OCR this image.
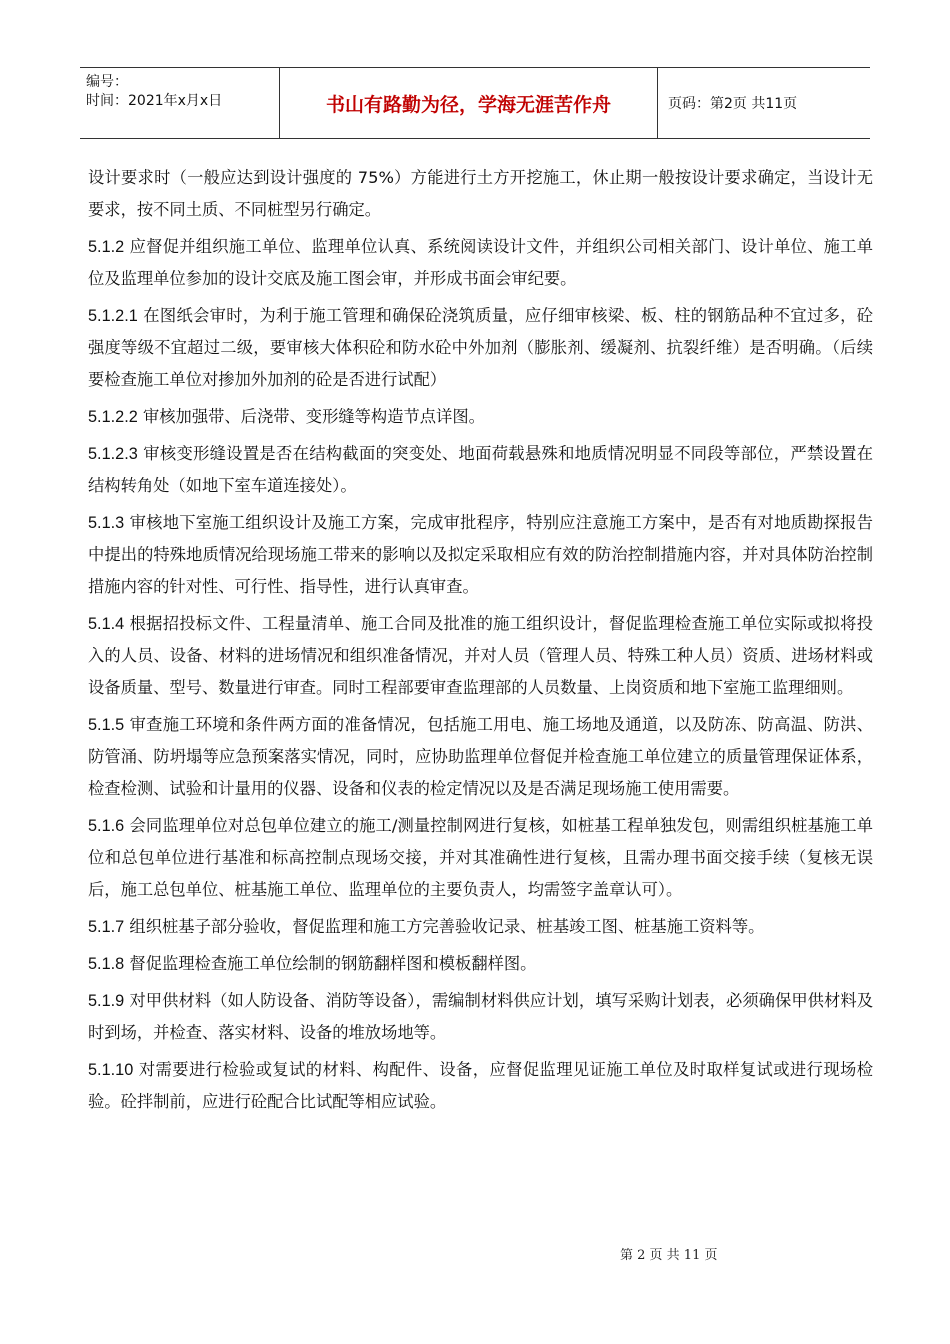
编号：
时间：2021年x月x日	书山有路勤为径，学海无涯苦作舟	页码：第2页 共11页

设计要求时（一般应达到设计强度的 75%）方能进行土方开挖施工，休止期一般按设计要求确定，当设计无要求，按不同土质、不同桩型另行确定。

5.1.2 应督促并组织施工单位、监理单位认真、系统阅读设计文件，并组织公司相关部门、设计单位、施工单位及监理单位参加的设计交底及施工图会审，并形成书面会审纪要。

5.1.2.1 在图纸会审时，为利于施工管理和确保砼浇筑质量，应仔细审核梁、板、柱的钢筋品种不宜过多，砼强度等级不宜超过二级，要审核大体积砼和防水砼中外加剂（膨胀剂、缓凝剂、抗裂纤维）是否明确。（后续要检查施工单位对掺加外加剂的砼是否进行试配）

5.1.2.2 审核加强带、后浇带、变形缝等构造节点详图。

5.1.2.3 审核变形缝设置是否在结构截面的突变处、地面荷载悬殊和地质情况明显不同段等部位，严禁设置在结构转角处（如地下室车道连接处）。

5.1.3 审核地下室施工组织设计及施工方案，完成审批程序，特别应注意施工方案中，是否有对地质勘探报告中提出的特殊地质情况给现场施工带来的影响以及拟定采取相应有效的防治控制措施内容，并对具体防治控制措施内容的针对性、可行性、指导性，进行认真审查。

5.1.4 根据招投标文件、工程量清单、施工合同及批准的施工组织设计，督促监理检查施工单位实际或拟将投入的人员、设备、材料的进场情况和组织准备情况，并对人员（管理人员、特殊工种人员）资质、进场材料或设备质量、型号、数量进行审查。同时工程部要审查监理部的人员数量、上岗资质和地下室施工监理细则。

5.1.5 审查施工环境和条件两方面的准备情况，包括施工用电、施工场地及通道，以及防冻、防高温、防洪、防管涌、防坍塌等应急预案落实情况，同时，应协助监理单位督促并检查施工单位建立的质量管理保证体系，检查检测、试验和计量用的仪器、设备和仪表的检定情况以及是否满足现场施工使用需要。

5.1.6 会同监理单位对总包单位建立的施工/测量控制网进行复核，如桩基工程单独发包，则需组织桩基施工单位和总包单位进行基准和标高控制点现场交接，并对其准确性进行复核，且需办理书面交接手续（复核无误后，施工总包单位、桩基施工单位、监理单位的主要负责人，均需签字盖章认可）。

5.1.7 组织桩基子部分验收，督促监理和施工方完善验收记录、桩基竣工图、桩基施工资料等。

5.1.8 督促监理检查施工单位绘制的钢筋翻样图和模板翻样图。

5.1.9 对甲供材料（如人防设备、消防等设备），需编制材料供应计划，填写采购计划表，必须确保甲供材料及时到场，并检查、落实材料、设备的堆放场地等。

5.1.10 对需要进行检验或复试的材料、构配件、设备，应督促监理见证施工单位及时取样复试或进行现场检验。砼拌制前，应进行砼配合比试配等相应试验。

第 2 页 共 11 页
